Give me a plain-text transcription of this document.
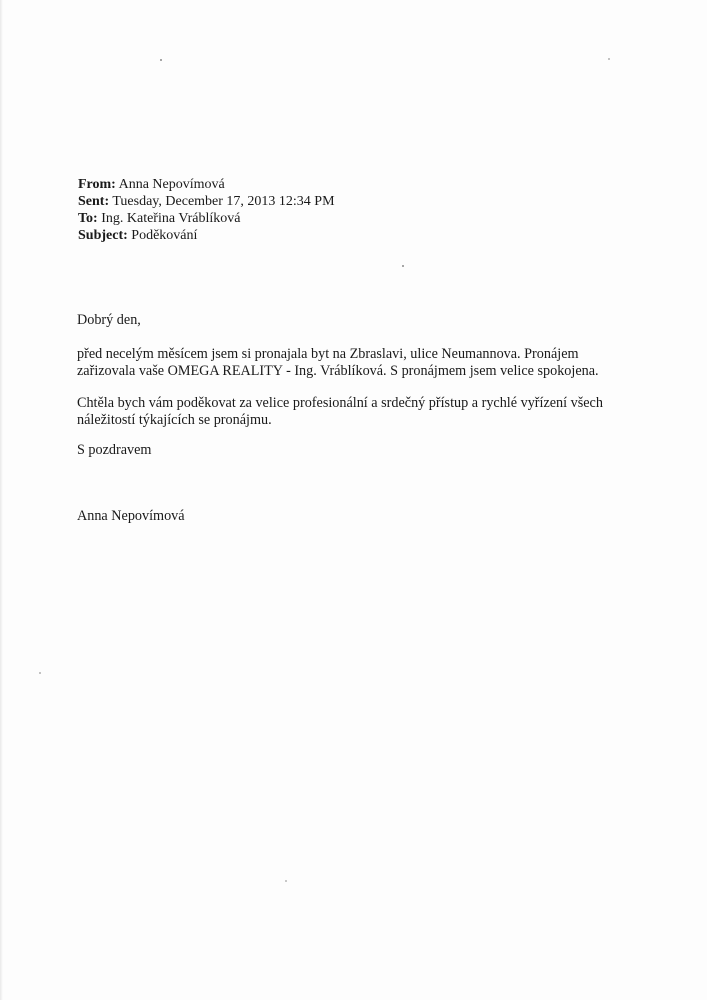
From: Anna Nepovímová
Sent: Tuesday, December 17, 2013 12:34 PM
To: Ing. Kateřina Vráblíková
Subject: Poděkování
Dobrý den,
před necelým měsícem jsem si pronajala byt na Zbraslavi, ulice Neumannova. Pronájem
zařizovala vaše OMEGA REALITY - Ing. Vráblíková. S pronájmem jsem velice spokojena.
Chtěla bych vám poděkovat za velice profesionální a srdečný přístup a rychlé vyřízení všech
náležitostí týkajících se pronájmu.
S pozdravem
Anna Nepovímová
